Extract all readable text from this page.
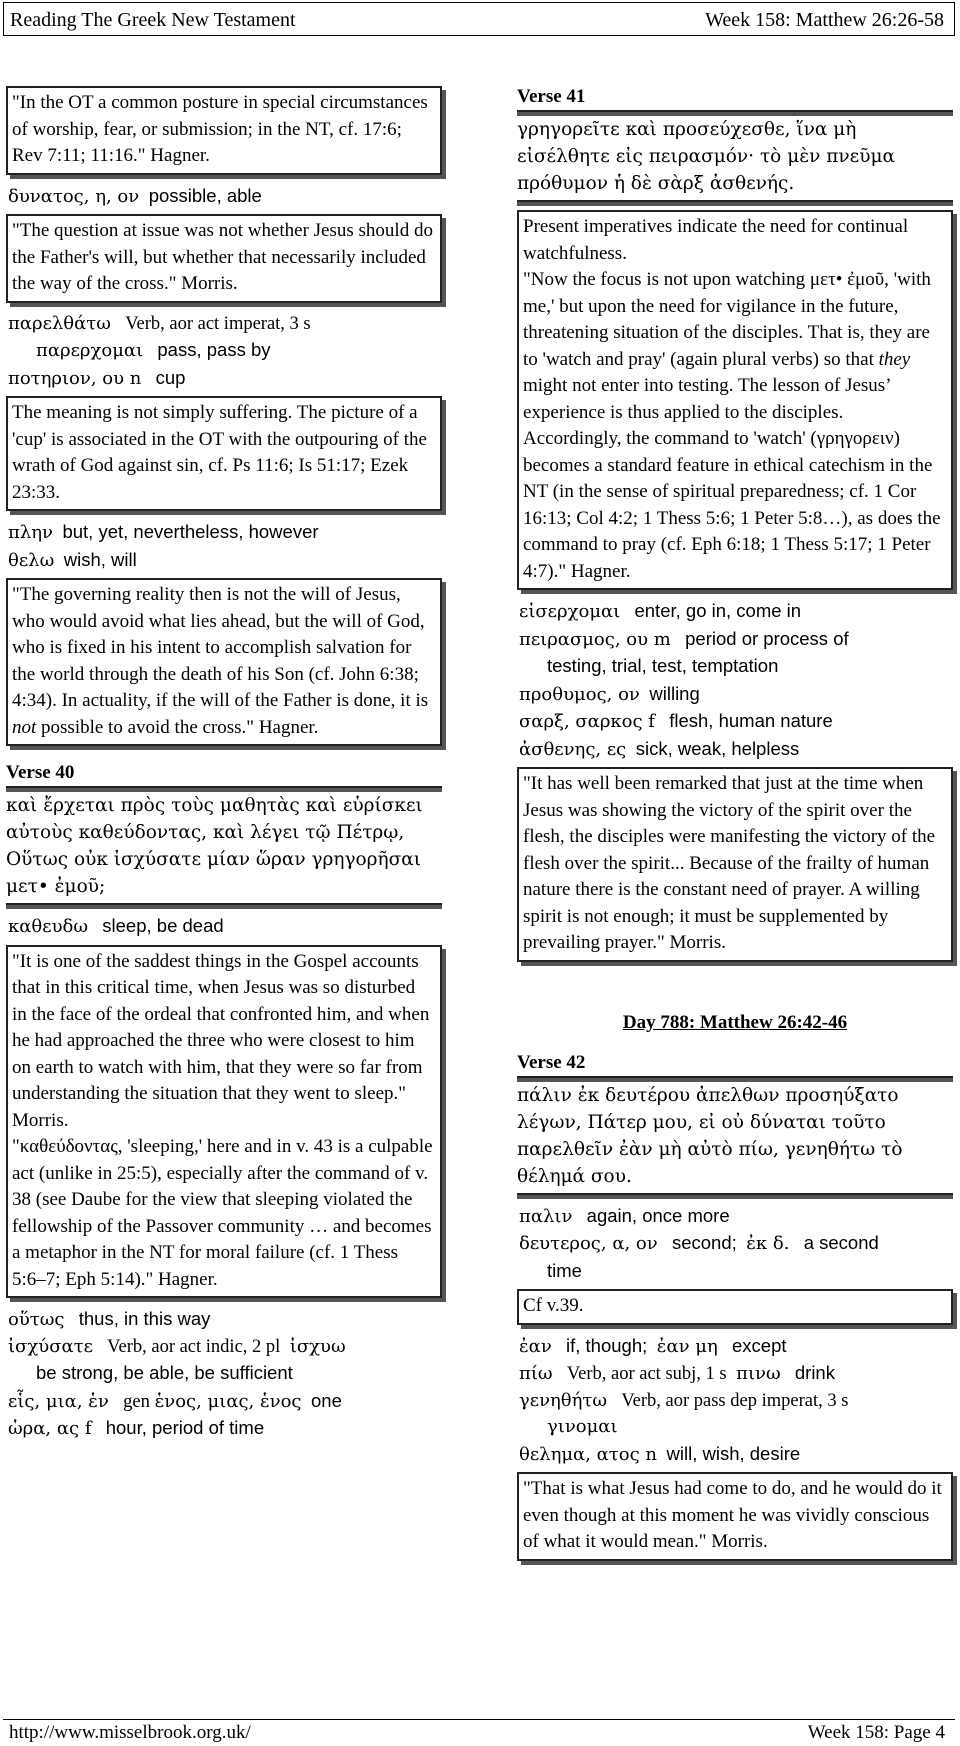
Reading The Greek New Testament	Week 158: Matthew 26:26-58
"In the OT a common posture in special circumstances of worship, fear, or submission; in the NT, cf. 17:6; Rev 7:11; 11:16." Hagner.
δυνατος, η, ον possible, able
"The question at issue was not whether Jesus should do the Father's will, but whether that necessarily included the way of the cross." Morris.
παρελθάτω Verb, aor act imperat, 3 s
παρερχομαι pass, pass by
ποτηριον, ου n cup
The meaning is not simply suffering. The picture of a 'cup' is associated in the OT with the outpouring of the wrath of God against sin, cf. Ps 11:6; Is 51:17; Ezek 23:33.
πλην but, yet, nevertheless, however
θελω wish, will
"The governing reality then is not the will of Jesus, who would avoid what lies ahead, but the will of God, who is fixed in his intent to accomplish salvation for the world through the death of his Son (cf. John 6:38; 4:34). In actuality, if the will of the Father is done, it is not possible to avoid the cross." Hagner.
Verse 40
καὶ ἔρχεται πρὸς τοὺς μαθητὰς καὶ εὑρίσκει αὐτοὺς καθεύδοντας, καὶ λέγει τῷ Πέτρῳ, Οὕτως οὐκ ἰσχύσατε μίαν ὥραν γρηγορῆσαι μετ• ἐμοῦ;
καθευδω sleep, be dead
"It is one of the saddest things in the Gospel accounts that in this critical time, when Jesus was so disturbed in the face of the ordeal that confronted him, and when he had approached the three who were closest to him on earth to watch with him, that they were so far from understanding the situation that they went to sleep." Morris.
"καθεύδοντας, 'sleeping,' here and in v. 43 is a culpable act (unlike in 25:5), especially after the command of v. 38 (see Daube for the view that sleeping violated the fellowship of the Passover community … and becomes a metaphor in the NT for moral failure (cf. 1 Thess 5:6–7; Eph 5:14)." Hagner.
οὕτως thus, in this way
ἰσχύσατε Verb, aor act indic, 2 pl ἰσχυω
be strong, be able, be sufficient
εἷς, μια, ἑν gen ἑνος, μιας, ἑνος one
ὡρα, ας f hour, period of time
Verse 41
γρηγορεῖτε καὶ προσεύχεσθε, ἵνα μὴ εἰσέλθητε εἰς πειρασμόν· τὸ μὲν πνεῦμα πρόθυμον ἡ δὲ σὰρξ ἀσθενής.
Present imperatives indicate the need for continual watchfulness.
"Now the focus is not upon watching μετ• ἐμοῦ, 'with me,' but upon the need for vigilance in the future, threatening situation of the disciples. That is, they are to 'watch and pray' (again plural verbs) so that they might not enter into testing. The lesson of Jesus’ experience is thus applied to the disciples. Accordingly, the command to 'watch' (γρηγορειν) becomes a standard feature in ethical catechism in the NT (in the sense of spiritual preparedness; cf. 1 Cor 16:13; Col 4:2; 1 Thess 5:6; 1 Peter 5:8…), as does the command to pray (cf. Eph 6:18; 1 Thess 5:17; 1 Peter 4:7)." Hagner.
εἰσερχομαι enter, go in, come in
πειρασμος, ου m period or process of
testing, trial, test, temptation
προθυμος, ον willing
σαρξ, σαρκος f flesh, human nature
ἀσθενης, ες sick, weak, helpless
"It has well been remarked that just at the time when Jesus was showing the victory of the spirit over the flesh, the disciples were manifesting the victory of the flesh over the spirit... Because of the frailty of human nature there is the constant need of prayer. A willing spirit is not enough; it must be supplemented by prevailing prayer." Morris.
Day 788: Matthew 26:42-46
Verse 42
πάλιν ἐκ δευτέρου ἀπελθων προσηύξατο λέγων, Πάτερ μου, εἰ οὐ δύναται τοῦτο παρελθεῖν ἐὰν μὴ αὐτὸ πίω, γενηθήτω τὸ θέλημά σου.
παλιν again, once more
δευτερος, α, ον second; ἐκ δ. a second
time
Cf v.39.
ἐαν if, though; ἐαν μη except
πίω Verb, aor act subj, 1 s πινω drink
γενηθήτω Verb, aor pass dep imperat, 3 s
γινομαι
θελημα, ατος n will, wish, desire
"That is what Jesus had come to do, and he would do it even though at this moment he was vividly conscious of what it would mean." Morris.
http://www.misselbrook.org.uk/	Week 158: Page 4
